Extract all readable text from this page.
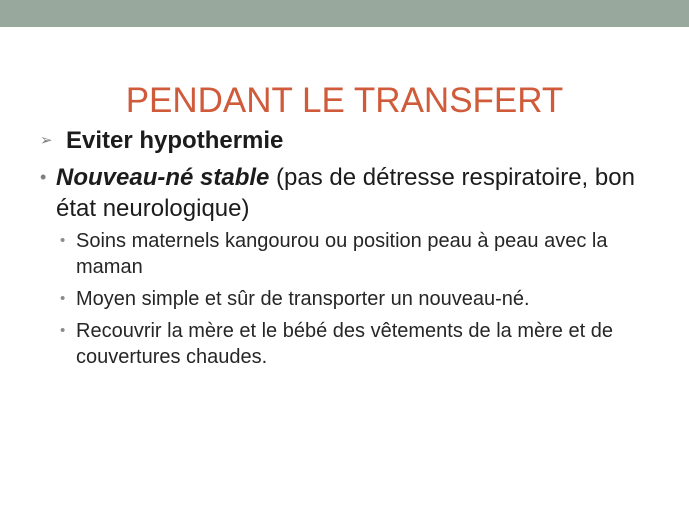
PENDANT LE TRANSFERT
➢ Eviter hypothermie
• Nouveau-né stable (pas de détresse respiratoire, bon état neurologique)
• Soins maternels kangourou ou position peau à peau avec la maman
• Moyen simple et sûr de transporter un nouveau-né.
• Recouvrir la mère et le bébé des vêtements de la mère et de couvertures chaudes.
